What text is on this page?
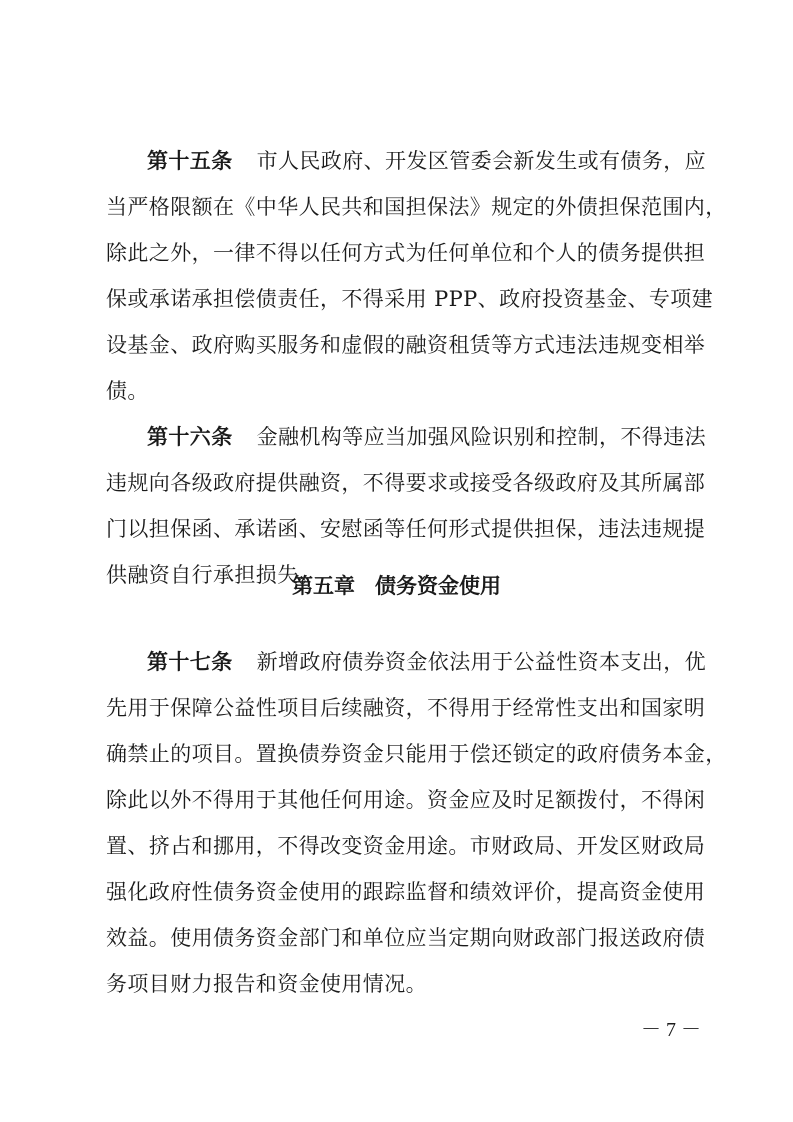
第十五条 市人民政府、开发区管委会新发生或有债务，应
当严格限额在《中华人民共和国担保法》规定的外债担保范围内，
除此之外，一律不得以任何方式为任何单位和个人的债务提供担
保或承诺承担偿债责任，不得采用 PPP、政府投资基金、专项建
设基金、政府购买服务和虚假的融资租赁等方式违法违规变相举
债。
第十六条 金融机构等应当加强风险识别和控制，不得违法
违规向各级政府提供融资，不得要求或接受各级政府及其所属部
门以担保函、承诺函、安慰函等任何形式提供担保，违法违规提
供融资自行承担损失。
第五章 债务资金使用
第十七条 新增政府债券资金依法用于公益性资本支出，优
先用于保障公益性项目后续融资，不得用于经常性支出和国家明
确禁止的项目。置换债券资金只能用于偿还锁定的政府债务本金，
除此以外不得用于其他任何用途。资金应及时足额拨付，不得闲
置、挤占和挪用，不得改变资金用途。市财政局、开发区财政局
强化政府性债务资金使用的跟踪监督和绩效评价，提高资金使用
效益。使用债务资金部门和单位应当定期向财政部门报送政府债
务项目财力报告和资金使用情况。
－ 7 －
